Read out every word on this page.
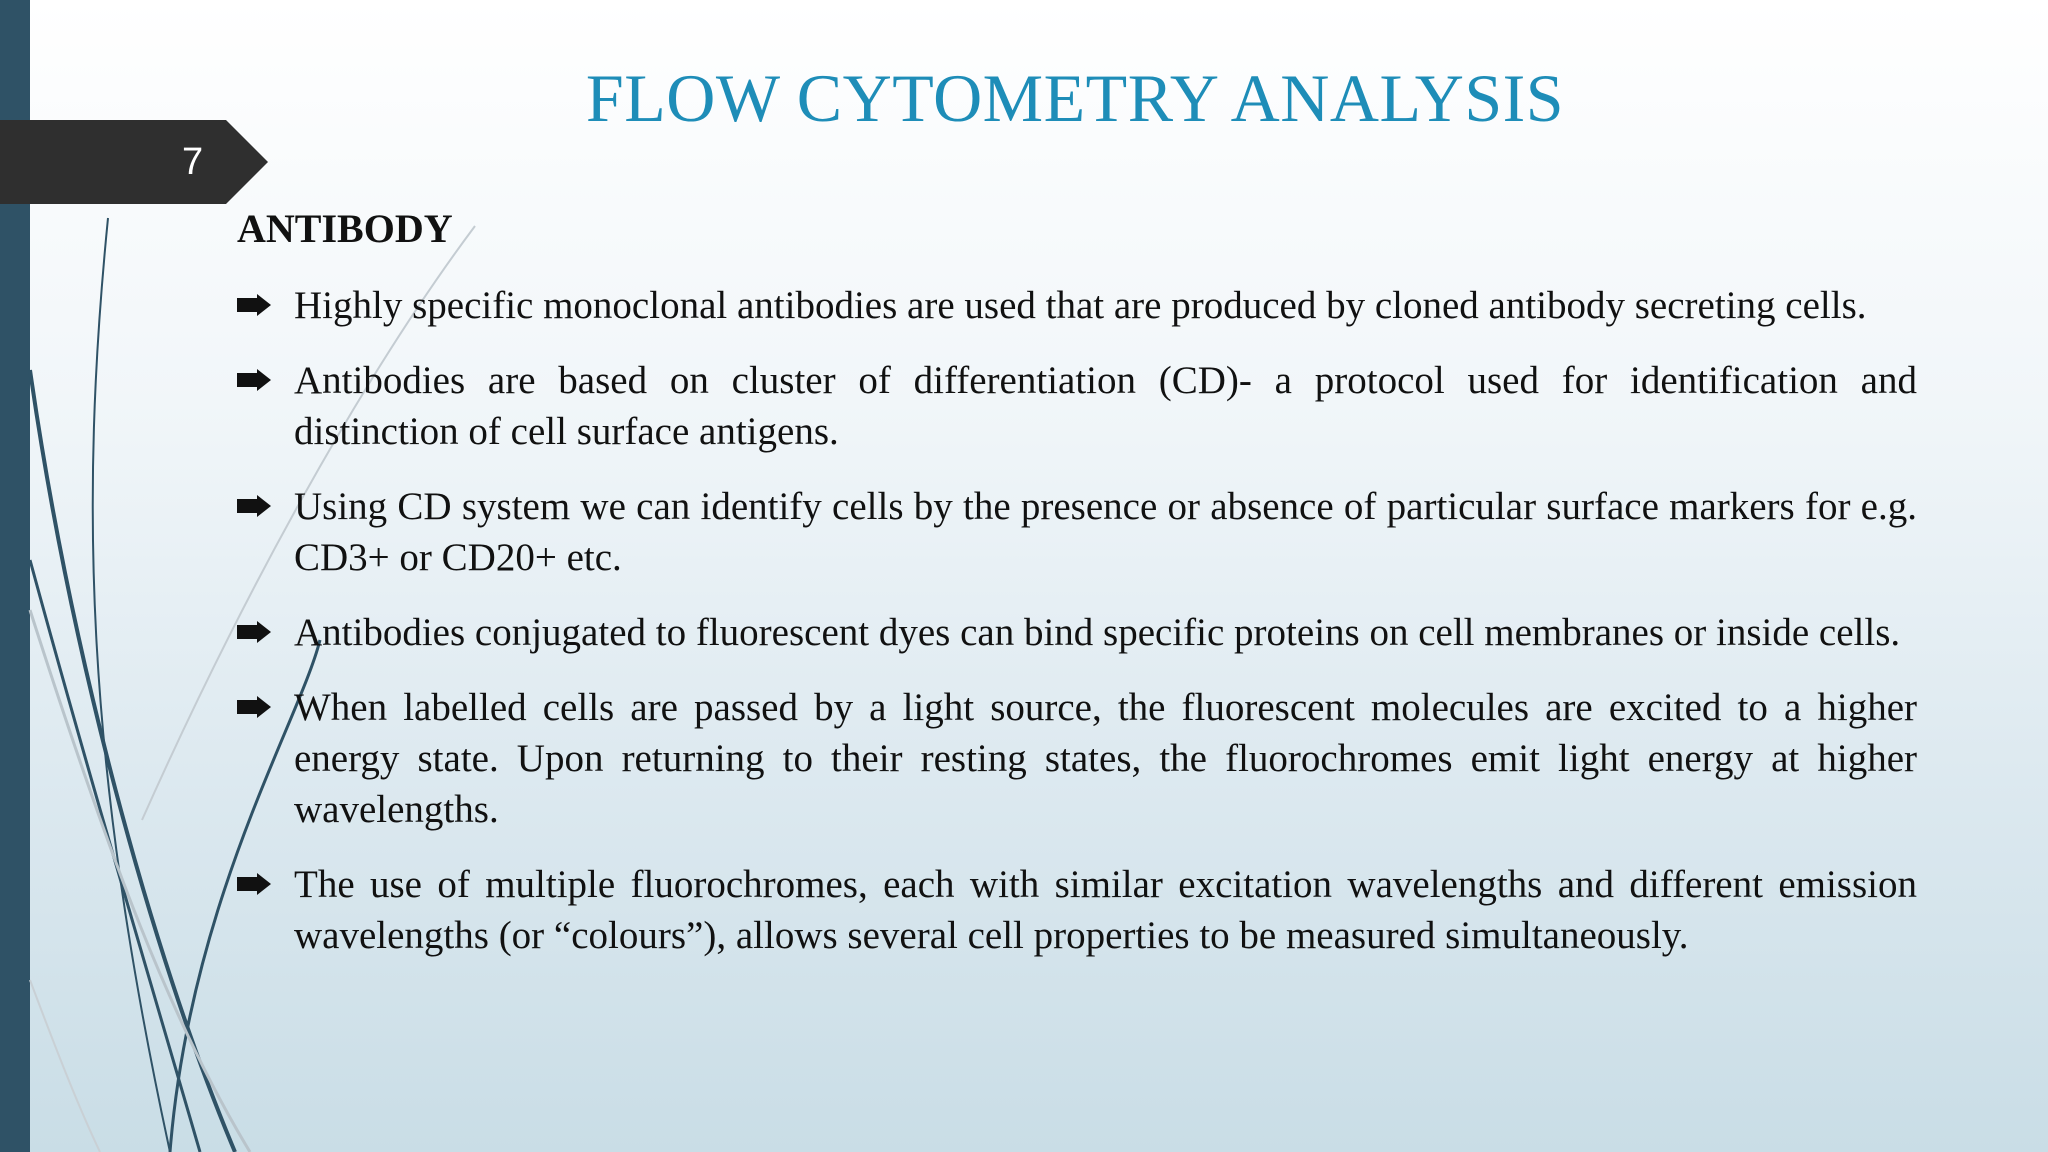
7
FLOW CYTOMETRY ANALYSIS
ANTIBODY
Highly specific monoclonal antibodies are used that are produced by cloned antibody secreting cells.
Antibodies are based on cluster of differentiation (CD)- a protocol used for identification and distinction of cell surface antigens.
Using CD system we can identify cells by the presence or absence of particular surface markers for e.g. CD3+ or CD20+ etc.
Antibodies conjugated to fluorescent dyes can bind specific proteins on cell membranes or inside cells.
When labelled cells are passed by a light source, the fluorescent molecules are excited to a higher energy state. Upon returning to their resting states, the fluorochromes emit light energy at higher wavelengths.
The use of multiple fluorochromes, each with similar excitation wavelengths and different emission wavelengths (or “colours”), allows several cell properties to be measured simultaneously.
